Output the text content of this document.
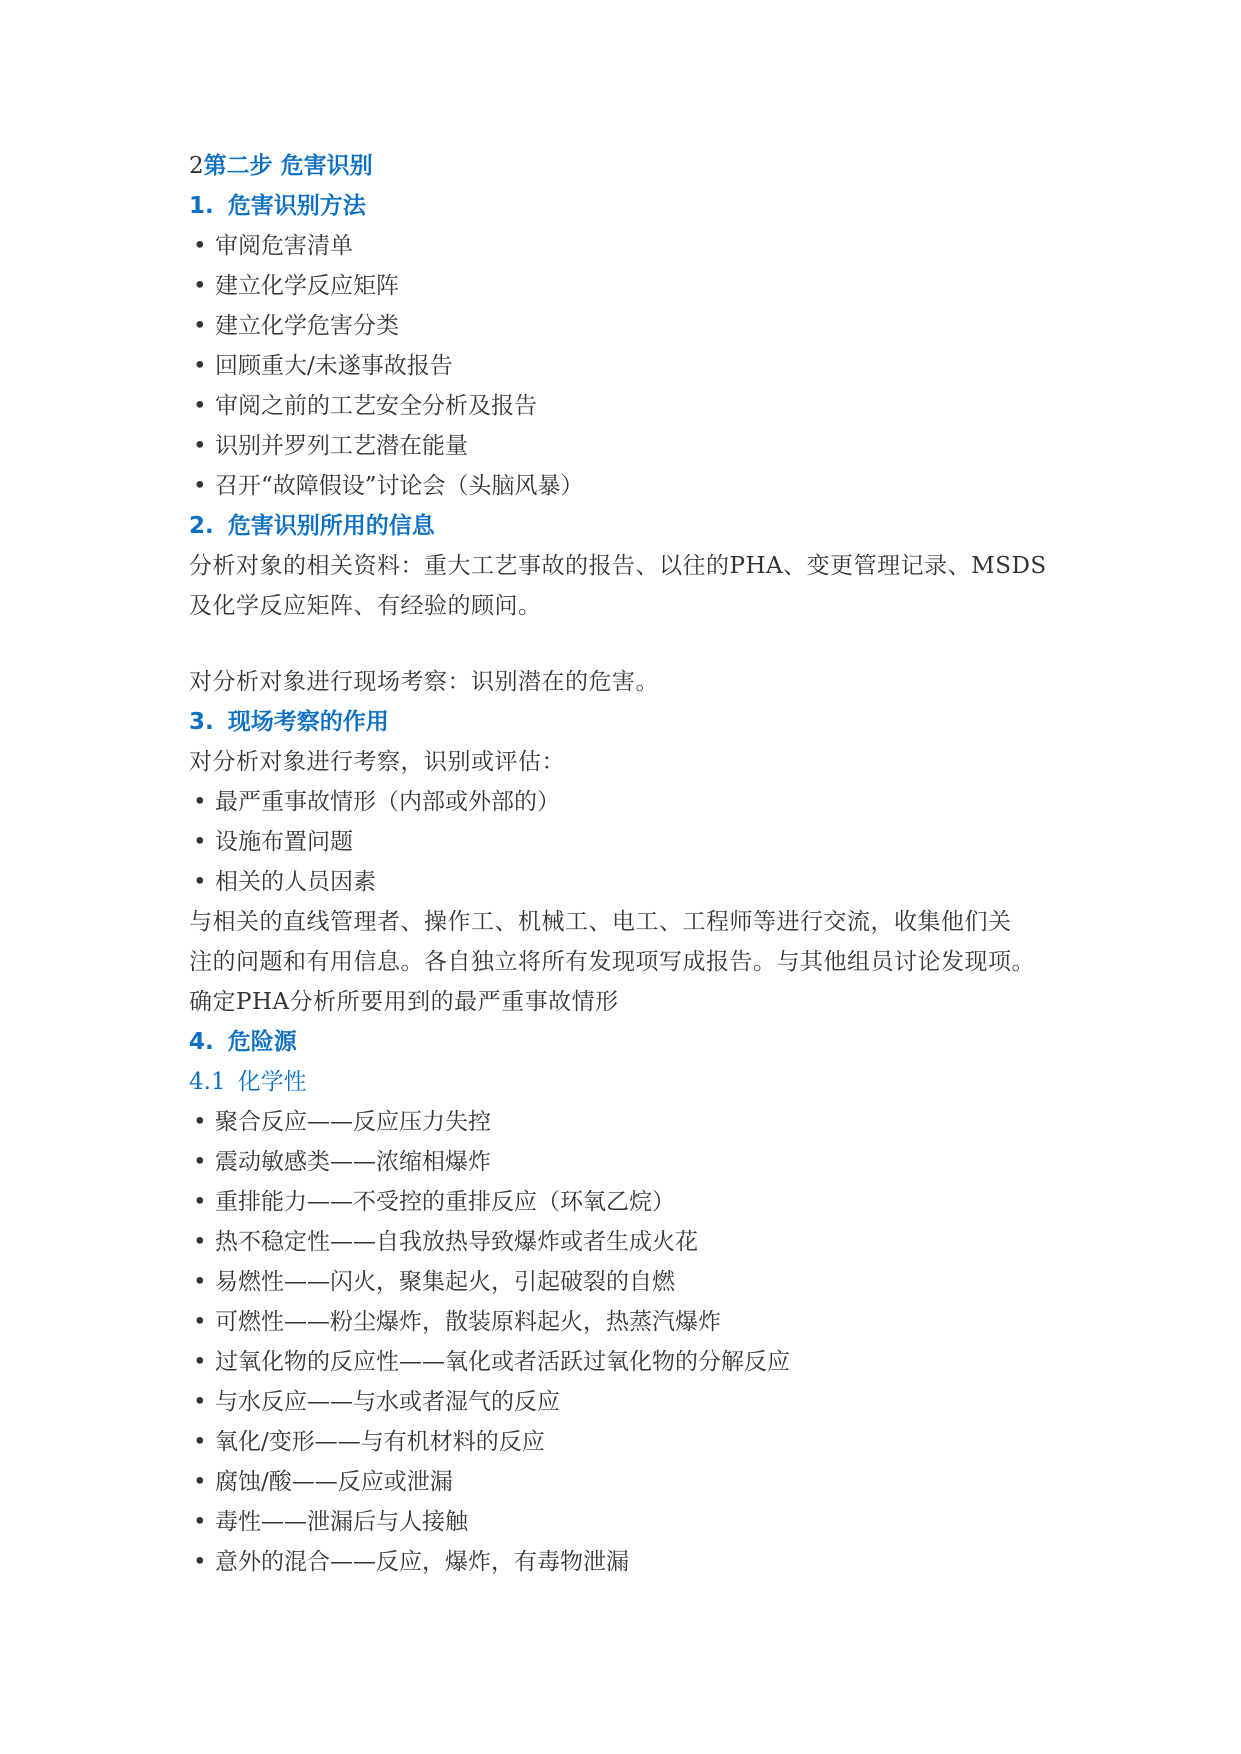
2第二步 危害识别
1. 危害识别方法
• 审阅危害清单
• 建立化学反应矩阵
• 建立化学危害分类
• 回顾重大/未遂事故报告
• 审阅之前的工艺安全分析及报告
• 识别并罗列工艺潜在能量
• 召开“故障假设”讨论会（头脑风暴）
2. 危害识别所用的信息
分析对象的相关资料：重大工艺事故的报告、以往的PHA、变更管理记录、MSDS
及化学反应矩阵、有经验的顾问。
对分析对象进行现场考察：识别潜在的危害。
3. 现场考察的作用
对分析对象进行考察，识别或评估：
• 最严重事故情形（内部或外部的）
• 设施布置问题
• 相关的人员因素
与相关的直线管理者、操作工、机械工、电工、工程师等进行交流，收集他们关
注的问题和有用信息。各自独立将所有发现项写成报告。与其他组员讨论发现项。
确定PHA分析所要用到的最严重事故情形
4. 危险源
4.1 化学性
• 聚合反应——反应压力失控
• 震动敏感类——浓缩相爆炸
• 重排能力——不受控的重排反应（环氧乙烷）
• 热不稳定性——自我放热导致爆炸或者生成火花
• 易燃性——闪火，聚集起火，引起破裂的自燃
• 可燃性——粉尘爆炸，散装原料起火，热蒸汽爆炸
• 过氧化物的反应性——氧化或者活跃过氧化物的分解反应
• 与水反应——与水或者湿气的反应
• 氧化/变形——与有机材料的反应
• 腐蚀/酸——反应或泄漏
• 毒性——泄漏后与人接触
• 意外的混合——反应，爆炸，有毒物泄漏
